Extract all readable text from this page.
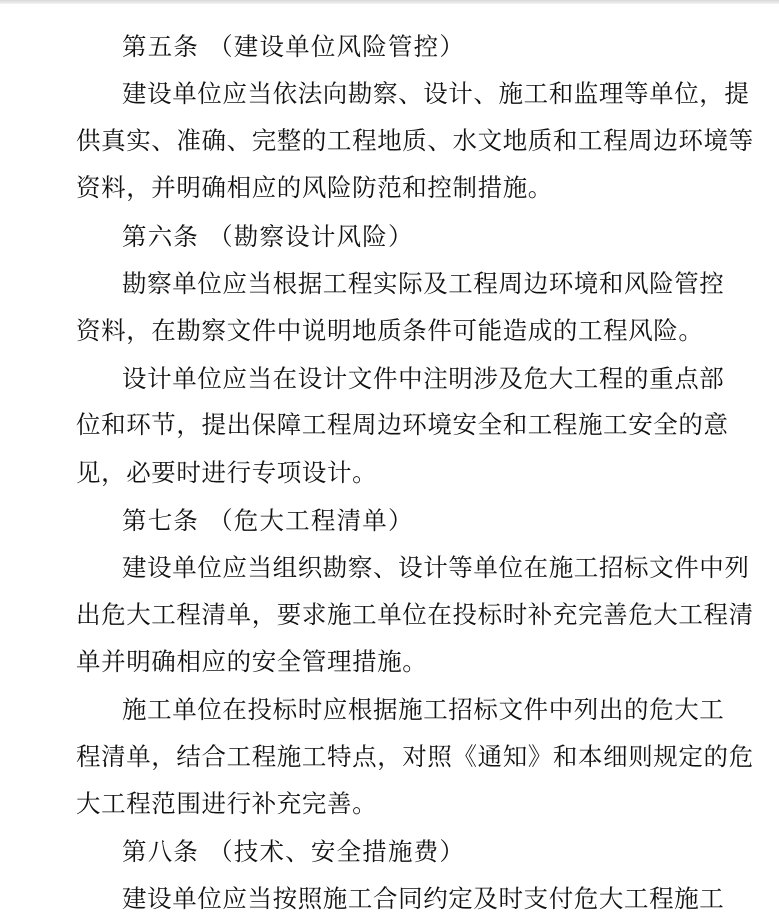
第五条 （建设单位风险管控）
建设单位应当依法向勘察、设计、施工和监理等单位，提
供真实、准确、完整的工程地质、水文地质和工程周边环境等
资料，并明确相应的风险防范和控制措施。
第六条 （勘察设计风险）
勘察单位应当根据工程实际及工程周边环境和风险管控
资料，在勘察文件中说明地质条件可能造成的工程风险。
设计单位应当在设计文件中注明涉及危大工程的重点部
位和环节，提出保障工程周边环境安全和工程施工安全的意
见，必要时进行专项设计。
第七条 （危大工程清单）
建设单位应当组织勘察、设计等单位在施工招标文件中列
出危大工程清单，要求施工单位在投标时补充完善危大工程清
单并明确相应的安全管理措施。
施工单位在投标时应根据施工招标文件中列出的危大工
程清单，结合工程施工特点，对照《通知》和本细则规定的危
大工程范围进行补充完善。
第八条 （技术、安全措施费）
建设单位应当按照施工合同约定及时支付危大工程施工
